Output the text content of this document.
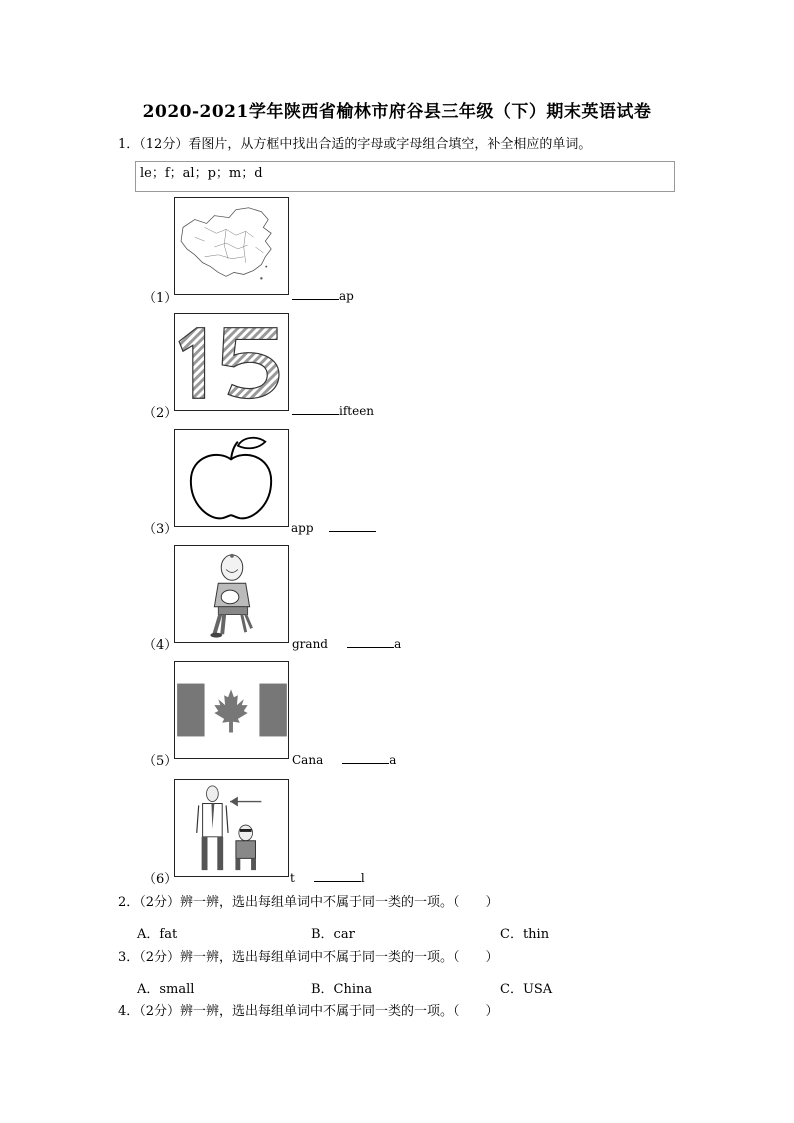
2020-2021学年陕西省榆林市府谷县三年级（下）期末英语试卷
1．（12分）看图片，从方框中找出合适的字母或字母组合填空，补全相应的单词。
le；f；al；p；m；d
（1）	ap
（2）	ifteen
（3）	app
（4）	grand	a
（5）	Cana	a
（6）	t	l
2．（2分）辨一辨，选出每组单词中不属于同一类的一项。（　　）
A．fat	B．car	C．thin
3．（2分）辨一辨，选出每组单词中不属于同一类的一项。（　　）
A．small	B．China	C．USA
4．（2分）辨一辨，选出每组单词中不属于同一类的一项。（　　）
